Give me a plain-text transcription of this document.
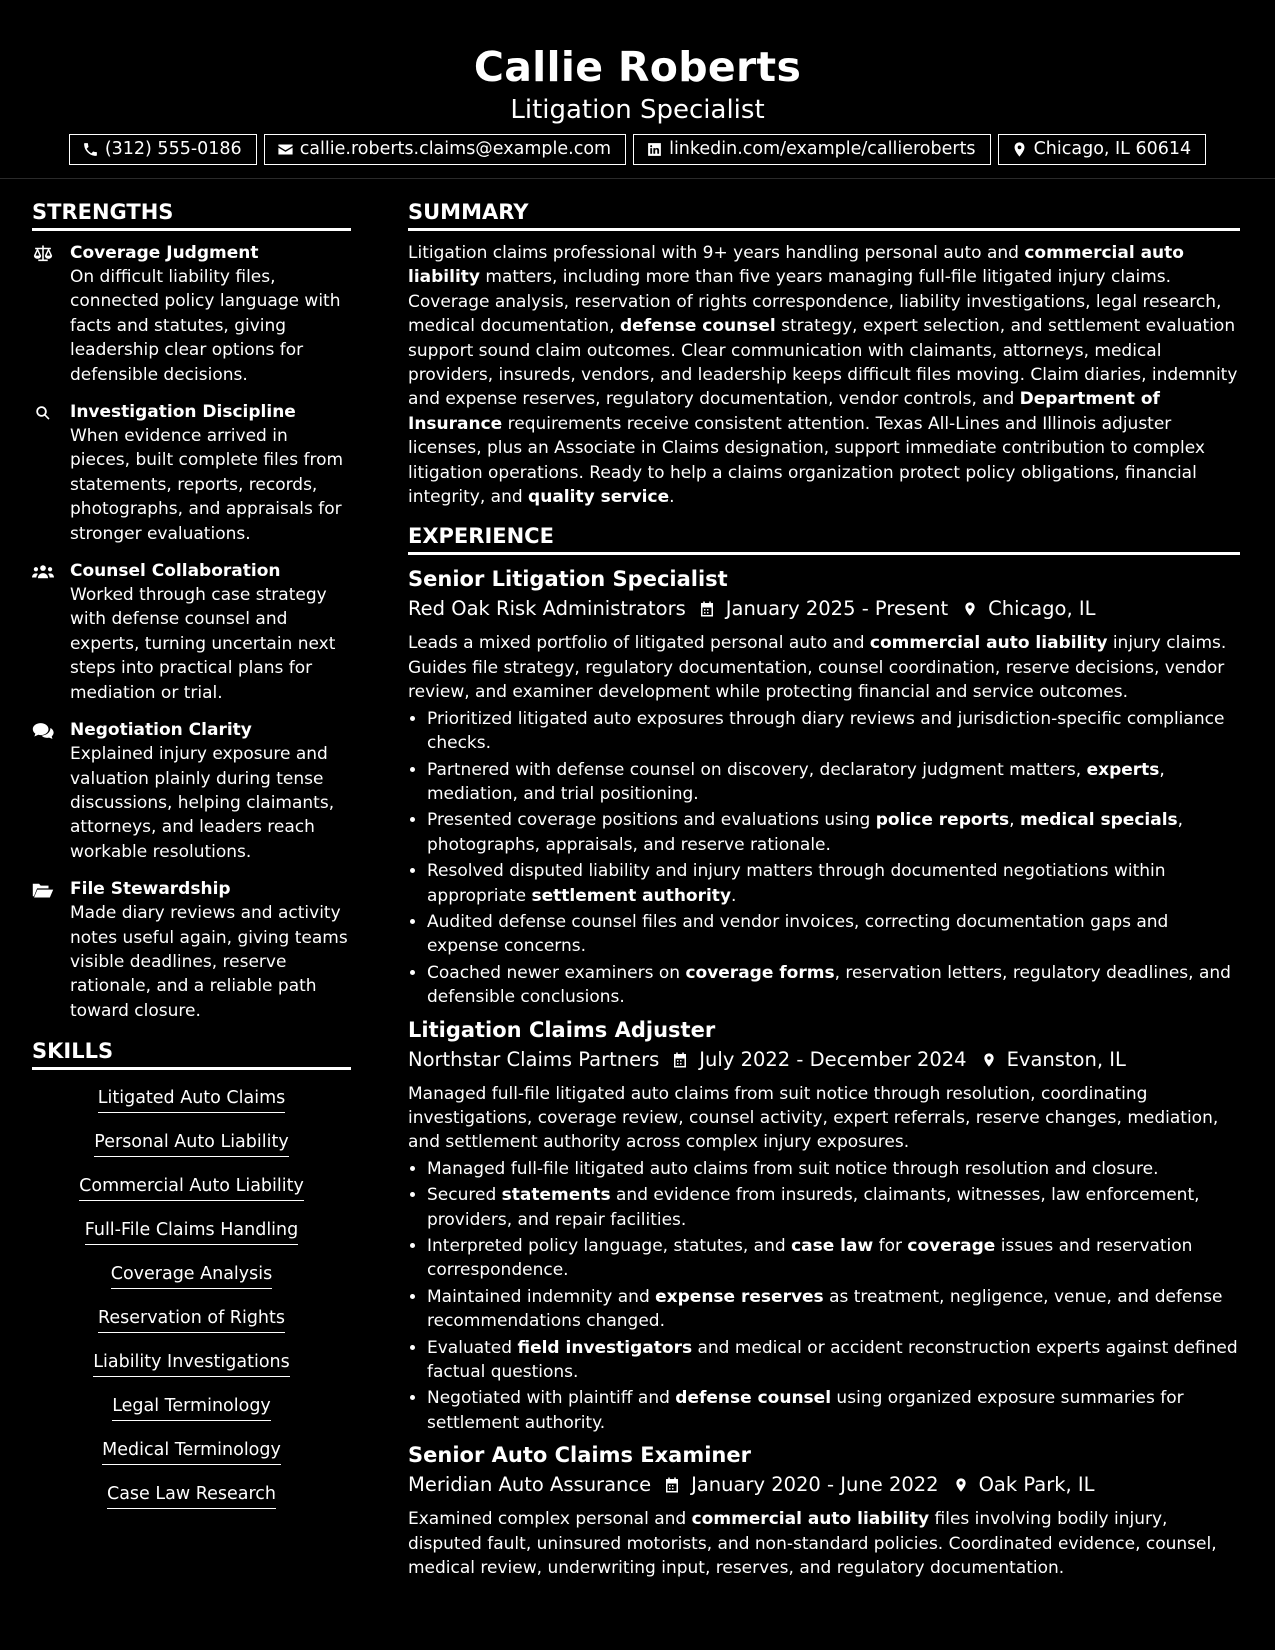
Callie Roberts
Litigation Specialist
(312) 555-0186	callie.roberts.claims@example.com	linkedin.com/example/callieroberts	Chicago, IL 60614
STRENGTHS
Coverage Judgment
On difficult liability files, connected policy language with facts and statutes, giving leadership clear options for defensible decisions.
Investigation Discipline
When evidence arrived in pieces, built complete files from statements, reports, records, photographs, and appraisals for stronger evaluations.
Counsel Collaboration
Worked through case strategy with defense counsel and experts, turning uncertain next steps into practical plans for mediation or trial.
Negotiation Clarity
Explained injury exposure and valuation plainly during tense discussions, helping claimants, attorneys, and leaders reach workable resolutions.
File Stewardship
Made diary reviews and activity notes useful again, giving teams visible deadlines, reserve rationale, and a reliable path toward closure.
SKILLS
Litigated Auto Claims
Personal Auto Liability
Commercial Auto Liability
Full-File Claims Handling
Coverage Analysis
Reservation of Rights
Liability Investigations
Legal Terminology
Medical Terminology
Case Law Research
SUMMARY

Litigation claims professional with 9+ years handling personal auto and commercial auto liability matters, including more than five years managing full-file litigated injury claims. Coverage analysis, reservation of rights correspondence, liability investigations, legal research, medical documentation, defense counsel strategy, expert selection, and settlement evaluation support sound claim outcomes. Clear communication with claimants, attorneys, medical providers, insureds, vendors, and leadership keeps difficult files moving. Claim diaries, indemnity and expense reserves, regulatory documentation, vendor controls, and Department of Insurance requirements receive consistent attention. Texas All-Lines and Illinois adjuster licenses, plus an Associate in Claims designation, support immediate contribution to complex litigation operations. Ready to help a claims organization protect policy obligations, financial integrity, and quality service.

EXPERIENCE
Senior Litigation Specialist
Red Oak Risk Administrators January 2025 - Present Chicago, IL

Leads a mixed portfolio of litigated personal auto and commercial auto liability injury claims. Guides file strategy, regulatory documentation, counsel coordination, reserve decisions, vendor review, and examiner development while protecting financial and service outcomes.

• Prioritized litigated auto exposures through diary reviews and jurisdiction-specific compliance checks.
• Partnered with defense counsel on discovery, declaratory judgment matters, experts, mediation, and trial positioning.
• Presented coverage positions and evaluations using police reports, medical specials, photographs, appraisals, and reserve rationale.
• Resolved disputed liability and injury matters through documented negotiations within appropriate settlement authority.
• Audited defense counsel files and vendor invoices, correcting documentation gaps and expense concerns.
• Coached newer examiners on coverage forms, reservation letters, regulatory deadlines, and defensible conclusions.
Litigation Claims Adjuster
Northstar Claims Partners July 2022 - December 2024 Evanston, IL

Managed full-file litigated auto claims from suit notice through resolution, coordinating investigations, coverage review, counsel activity, expert referrals, reserve changes, mediation, and settlement authority across complex injury exposures.

• Managed full-file litigated auto claims from suit notice through resolution and closure.
• Secured statements and evidence from insureds, claimants, witnesses, law enforcement, providers, and repair facilities.
• Interpreted policy language, statutes, and case law for coverage issues and reservation correspondence.
• Maintained indemnity and expense reserves as treatment, negligence, venue, and defense recommendations changed.
• Evaluated field investigators and medical or accident reconstruction experts against defined factual questions.
• Negotiated with plaintiff and defense counsel using organized exposure summaries for settlement authority.
Senior Auto Claims Examiner
Meridian Auto Assurance January 2020 - June 2022 Oak Park, IL

Examined complex personal and commercial auto liability files involving bodily injury, disputed fault, uninsured motorists, and non-standard policies. Coordinated evidence, counsel, medical review, underwriting input, reserves, and regulatory documentation.
